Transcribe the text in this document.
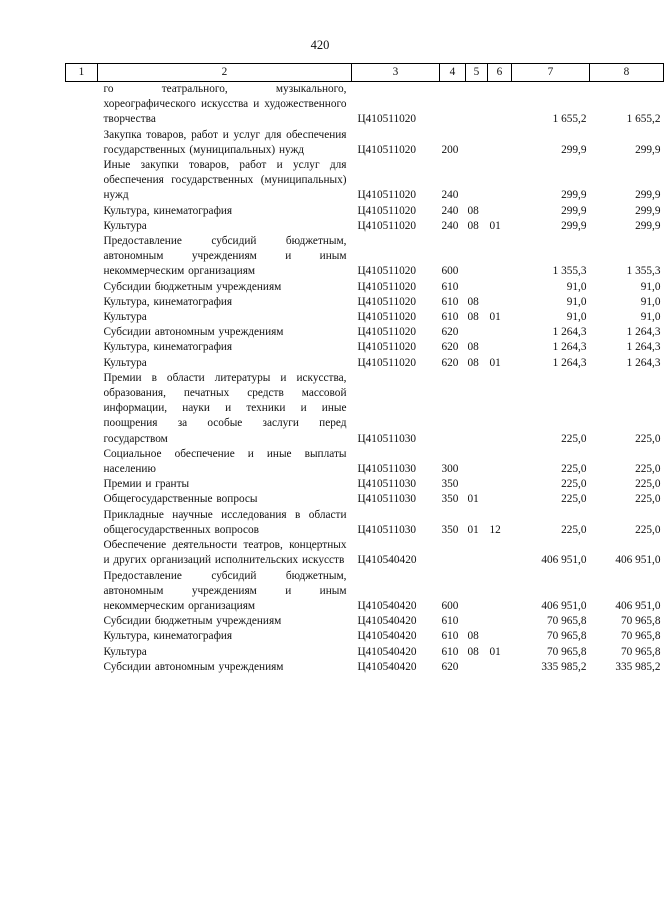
420
1	2	3	4	5	6	7	8
	го театрального, музыкального, хореографического искусства и художественного творчества	Ц410511020				1 655,2	1 655,2
	Закупка товаров, работ и услуг для обеспечения государственных (муниципальных) нужд	Ц410511020	200			299,9	299,9
	Иные закупки товаров, работ и услуг для обеспечения государственных (муниципальных) нужд	Ц410511020	240			299,9	299,9
	Культура, кинематография	Ц410511020	240	08		299,9	299,9
	Культура	Ц410511020	240	08	01	299,9	299,9
	Предоставление субсидий бюджетным, автономным учреждениям и иным некоммерческим организациям	Ц410511020	600			1 355,3	1 355,3
	Субсидии бюджетным учреждениям	Ц410511020	610			91,0	91,0
	Культура, кинематография	Ц410511020	610	08		91,0	91,0
	Культура	Ц410511020	610	08	01	91,0	91,0
	Субсидии автономным учреждениям	Ц410511020	620			1 264,3	1 264,3
	Культура, кинематография	Ц410511020	620	08		1 264,3	1 264,3
	Культура	Ц410511020	620	08	01	1 264,3	1 264,3
	Премии в области литературы и искусства, образования, печатных средств массовой информации, науки и техники и иные поощрения за особые заслуги перед государством	Ц410511030				225,0	225,0
	Социальное обеспечение и иные выплаты населению	Ц410511030	300			225,0	225,0
	Премии и гранты	Ц410511030	350			225,0	225,0
	Общегосударственные вопросы	Ц410511030	350	01		225,0	225,0
	Прикладные научные исследования в области общегосударственных вопросов	Ц410511030	350	01	12	225,0	225,0
	Обеспечение деятельности театров, концертных и других организаций исполнительских искусств	Ц410540420				406 951,0	406 951,0
	Предоставление субсидий бюджетным, автономным учреждениям и иным некоммерческим организациям	Ц410540420	600			406 951,0	406 951,0
	Субсидии бюджетным учреждениям	Ц410540420	610			70 965,8	70 965,8
	Культура, кинематография	Ц410540420	610	08		70 965,8	70 965,8
	Культура	Ц410540420	610	08	01	70 965,8	70 965,8
	Субсидии автономным учреждениям	Ц410540420	620			335 985,2	335 985,2
